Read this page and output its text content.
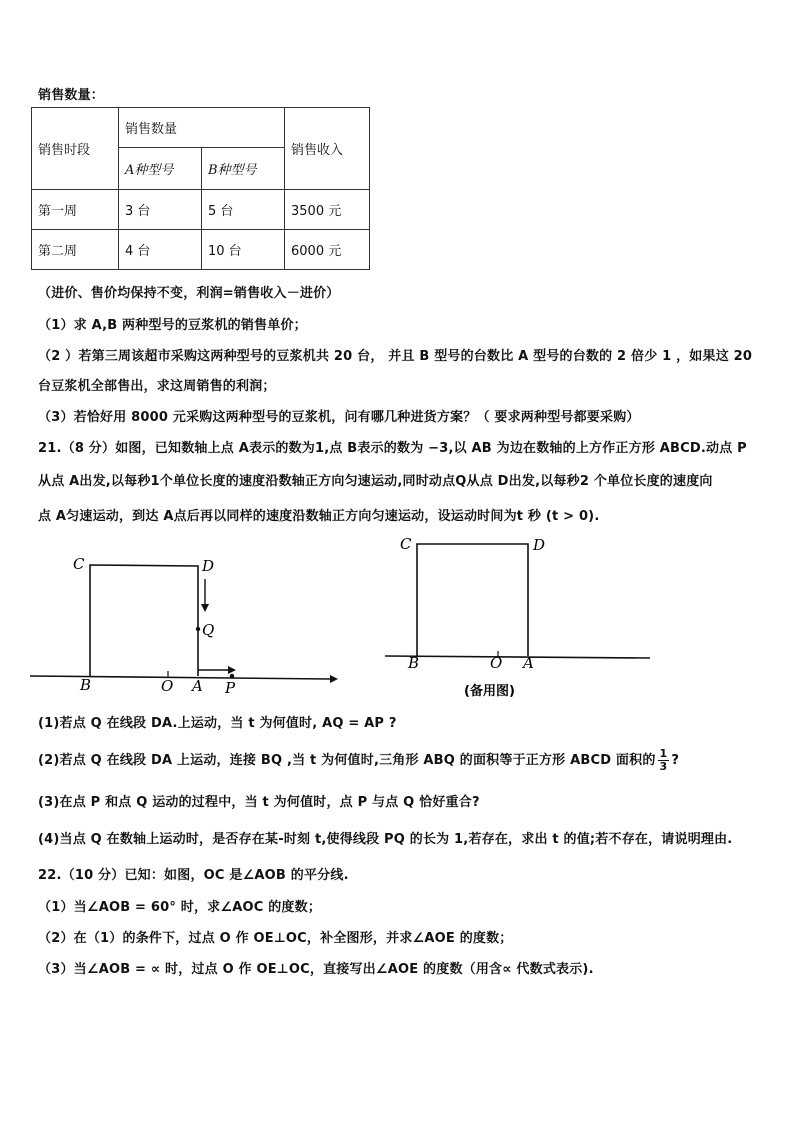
销售数量：
销售时段	销售数量		销售收入
	A种型号	B种型号	
第一周	3 台	5 台	3500 元
第二周	4 台	10 台	6000 元
（进价、售价均保持不变，利润=销售收入－进价）
（1）求 A,B 两种型号的豆浆机的销售单价；
（2 ）若第三周该超市采购这两种型号的豆浆机共 20 台， 并且 B 型号的台数比 A 型号的台数的 2 倍少 1 ，如果这 20
台豆浆机全部售出，求这周销售的利润；
（3）若恰好用 8000 元采购这两种型号的豆浆机，问有哪几种进货方案？（ 要求两种型号都要采购）
21.（8 分）如图，已知数轴上点 A表示的数为1,点 B表示的数为 −3,以 AB 为边在数轴的上方作正方形 ABCD.动点 P
从点 A出发,以每秒1个单位长度的速度沿数轴正方向匀速运动,同时动点Q从点 D出发,以每秒2 个单位长度的速度向
点 A匀速运动，到达 A点后再以同样的速度沿数轴正方向匀速运动，设运动时间为t 秒 (t > 0).
C	D
Q
B	O A P
C	D
B	O A
(备用图)
(1)若点 Q 在线段 DA.上运动，当 t 为何值时, AQ = AP ?
(2)若点 Q 在线段 DA 上运动，连接 BQ ,当 t 为何值时,三角形 ABQ 的面积等于正方形 ABCD 面积的 $\frac{1}{3}$ ?
(3)在点 P 和点 Q 运动的过程中，当 t 为何值时，点 P 与点 Q 恰好重合?
(4)当点 Q 在数轴上运动时，是否存在某-时刻 t,使得线段 PQ 的长为 1,若存在，求出 t 的值;若不存在，请说明理由.
22.（10 分）已知：如图，OC 是∠AOB 的平分线.
（1）当∠AOB = 60° 时，求∠AOC 的度数；
（2）在（1）的条件下，过点 O 作 OE⊥OC，补全图形，并求∠AOE 的度数；
（3）当∠AOB = ∝ 时，过点 O 作 OE⊥OC，直接写出∠AOE 的度数（用含∝ 代数式表示).
